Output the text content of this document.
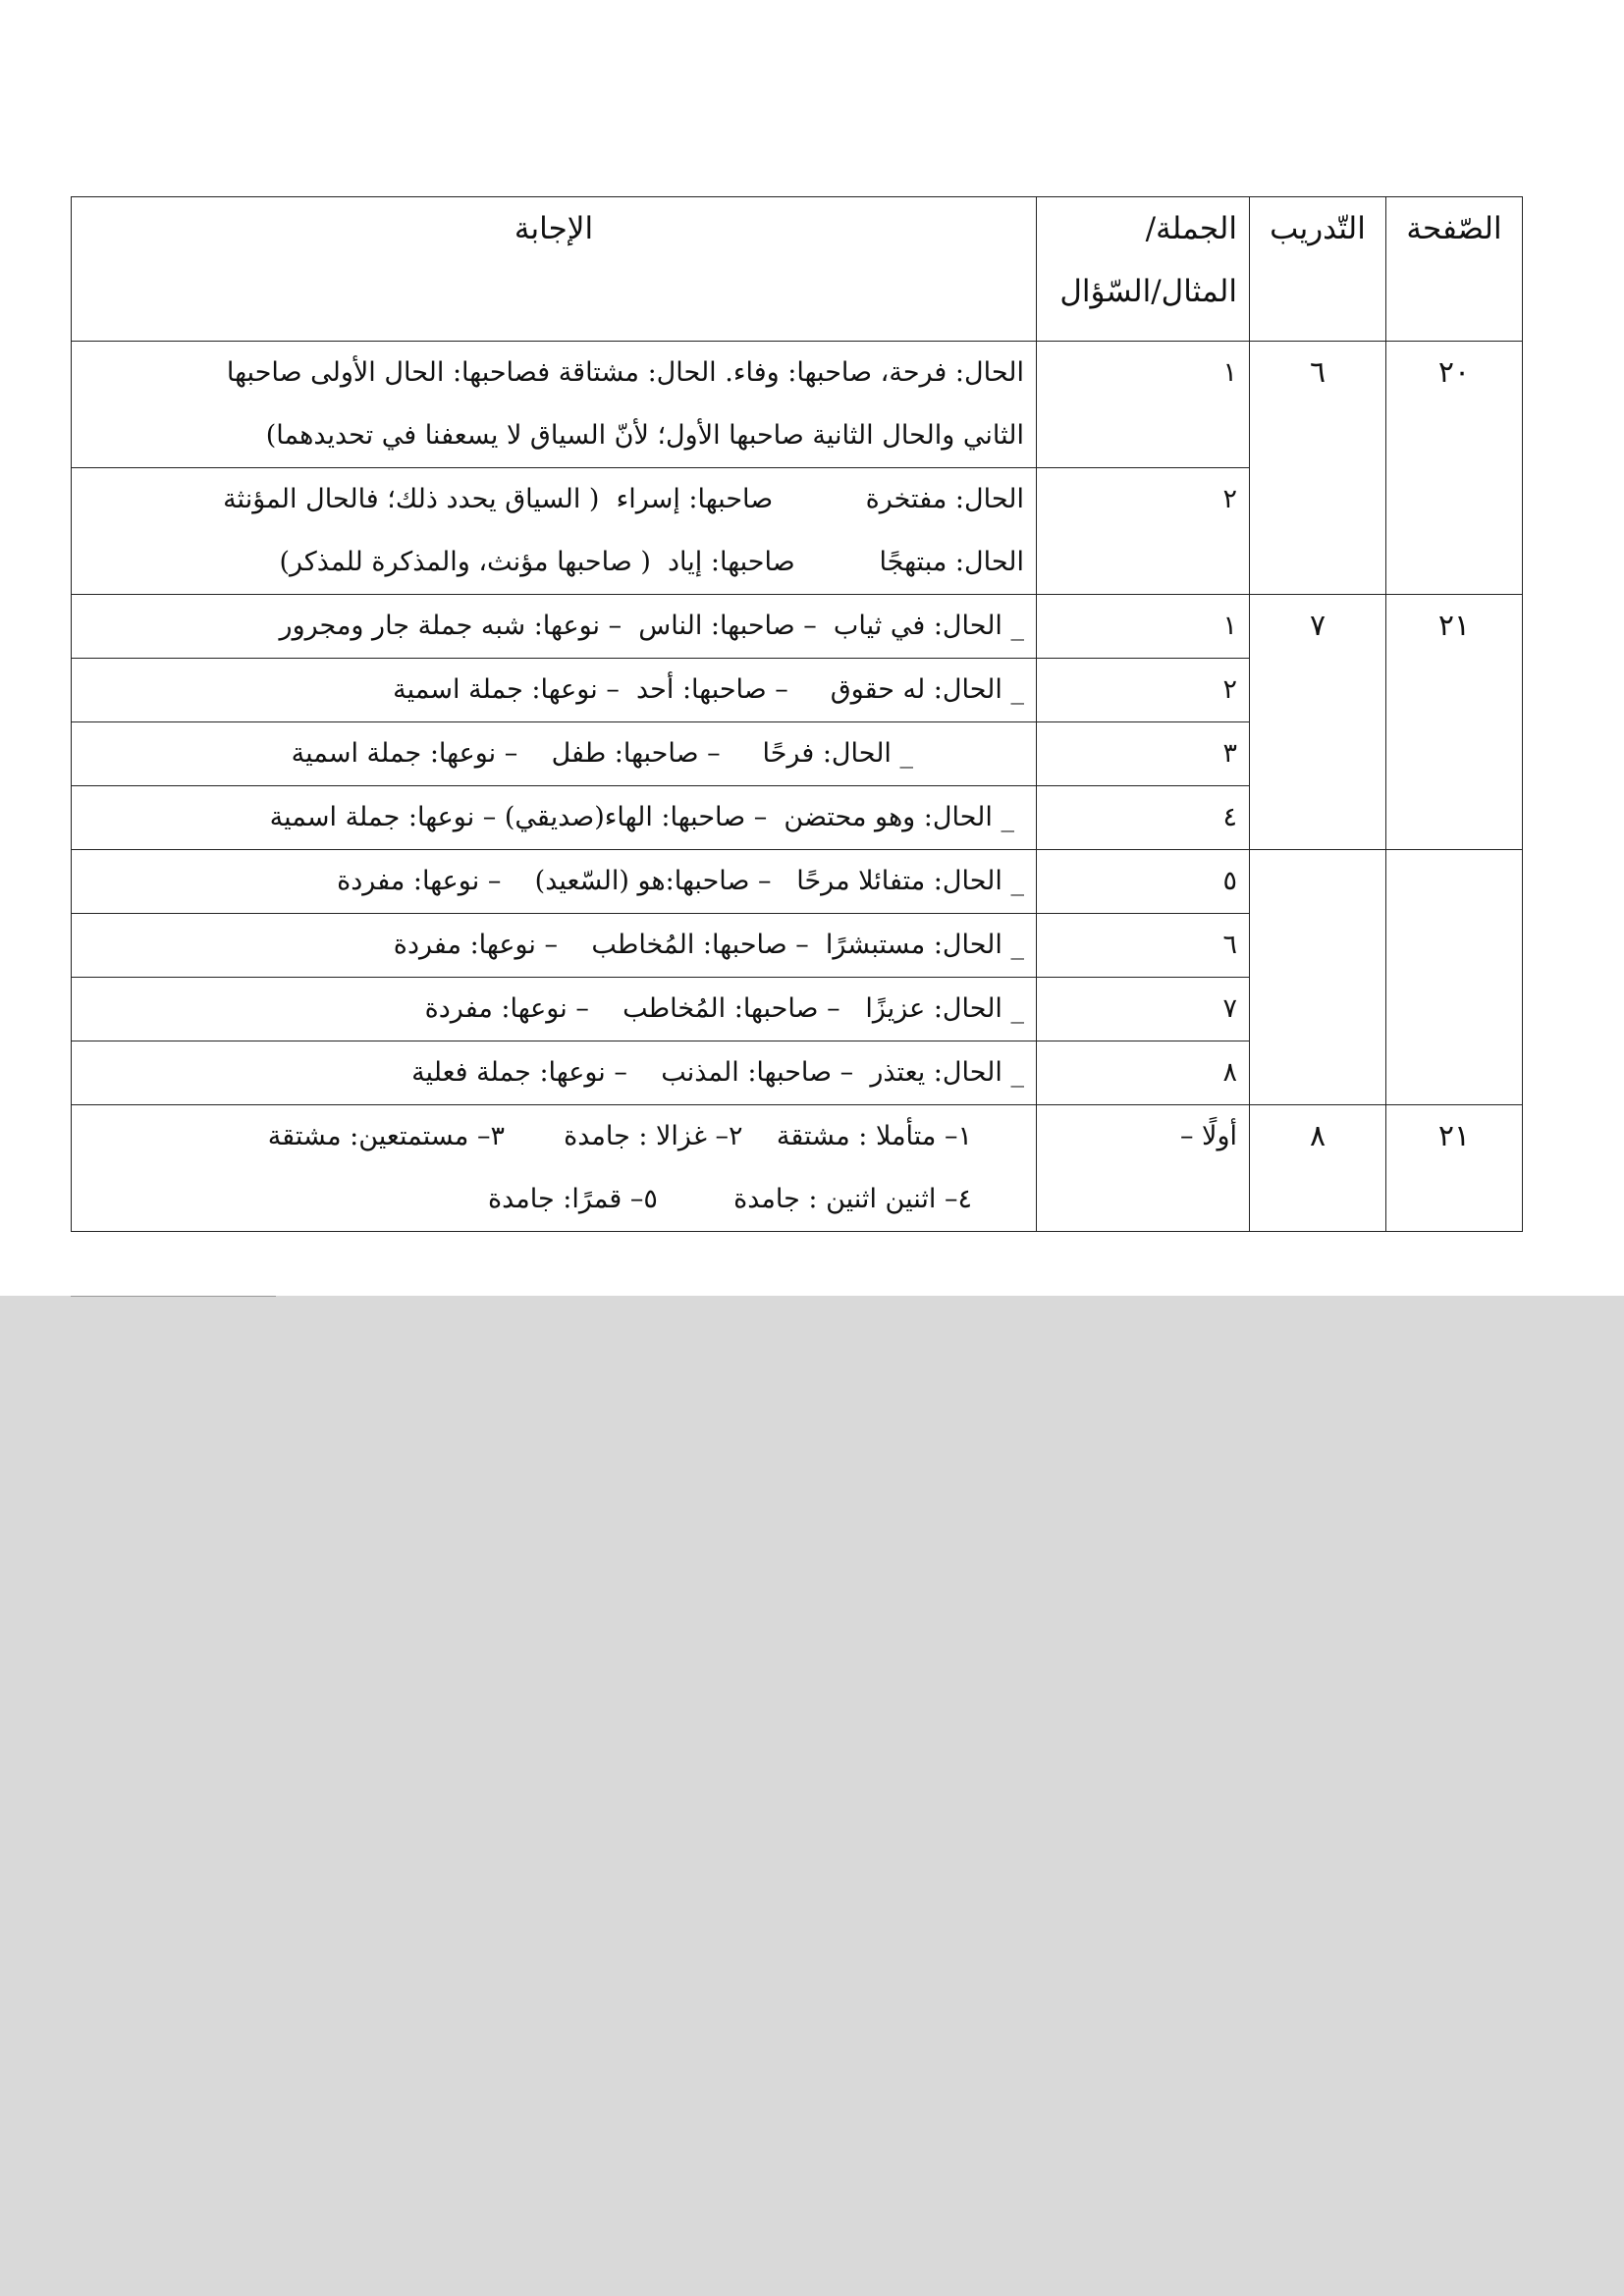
الصّفحة	التّدريب	الجملة/
المثال/السّؤال	الإجابة
٢٠	٦	١	الحال: فرحة، صاحبها: وفاء. الحال: مشتاقة فصاحبها: الحال الأولى صاحبها
الثاني والحال الثانية صاحبها الأول؛ لأنّ السياق لا يسعفنا في تحديدهما)

		٢	الحال: مفتخرة           صاحبها: إسراء  ( السياق يحدد ذلك؛ فالحال المؤنثة
الحال: مبتهجًا          صاحبها: إياد  ( صاحبها مؤنث، والمذكرة للمذكر)

٢١	٧	١	_ الحال: في ثياب  – صاحبها: الناس  – نوعها: شبه جملة جار ومجرور

		٢	_ الحال: له حقوق     – صاحبها: أحد  – نوعها: جملة اسمية

		٣	_ الحال: فرحًا     – صاحبها: طفل    – نوعها: جملة اسمية

		٤	_ الحال: وهو محتضن  – صاحبها: الهاء(صديقي) – نوعها: جملة اسمية

		٥	_ الحال: متفائلا مرحًا   – صاحبها:هو (السّعيد)    – نوعها: مفردة

		٦	_ الحال: مستبشرًا  – صاحبها: المُخاطب    – نوعها: مفردة

		٧	_ الحال: عزيزًا   – صاحبها: المُخاطب    – نوعها: مفردة

		٨	_ الحال: يعتذر  – صاحبها: المذنب    – نوعها: جملة فعلية

٢١	٨	أولًا –	١– متأملا : مشتقة    ٢– غزالا : جامدة       ٣– مستمتعين: مشتقة
٤– اثنين اثنين : جامدة         ٥– قمرًا: جامدة
